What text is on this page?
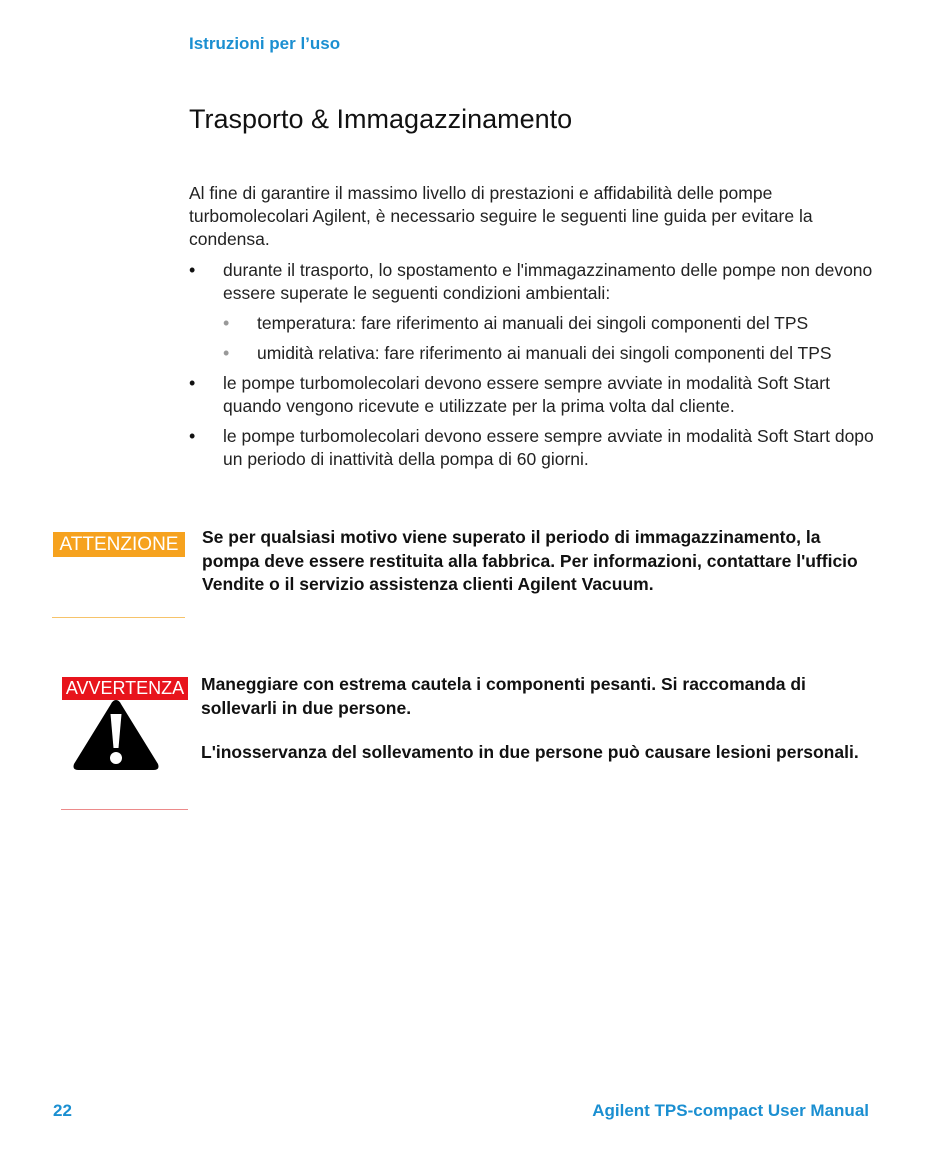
Istruzioni per l’uso
Trasporto & Immagazzinamento

Al fine di garantire il massimo livello di prestazioni e affidabilità delle pompe turbomolecolari Agilent, è necessario seguire le seguenti line guida per evitare la condensa.

• durante il trasporto, lo spostamento e l'immagazzinamento delle pompe non devono essere superate le seguenti condizioni ambientali:
• temperatura: fare riferimento ai manuali dei singoli componenti del TPS
• umidità relativa: fare riferimento ai manuali dei singoli componenti del TPS
• le pompe turbomolecolari devono essere sempre avviate in modalità Soft Start quando vengono ricevute e utilizzate per la prima volta dal cliente.
• le pompe turbomolecolari devono essere sempre avviate in modalità Soft Start dopo un periodo di inattività della pompa di 60 giorni.
ATTENZIONE	Se per qualsiasi motivo viene superato il periodo di immagazzinamento, la pompa deve essere restituita alla fabbrica. Per informazioni, contattare l'ufficio Vendite o il servizio assistenza clienti Agilent Vacuum.

AVVERTENZA Maneggiare con estrema cautela i componenti pesanti. Si raccomanda di sollevarli in due persone.

L'inosservanza del sollevamento in due persone può causare lesioni personali.

22	Agilent TPS-compact User Manual
